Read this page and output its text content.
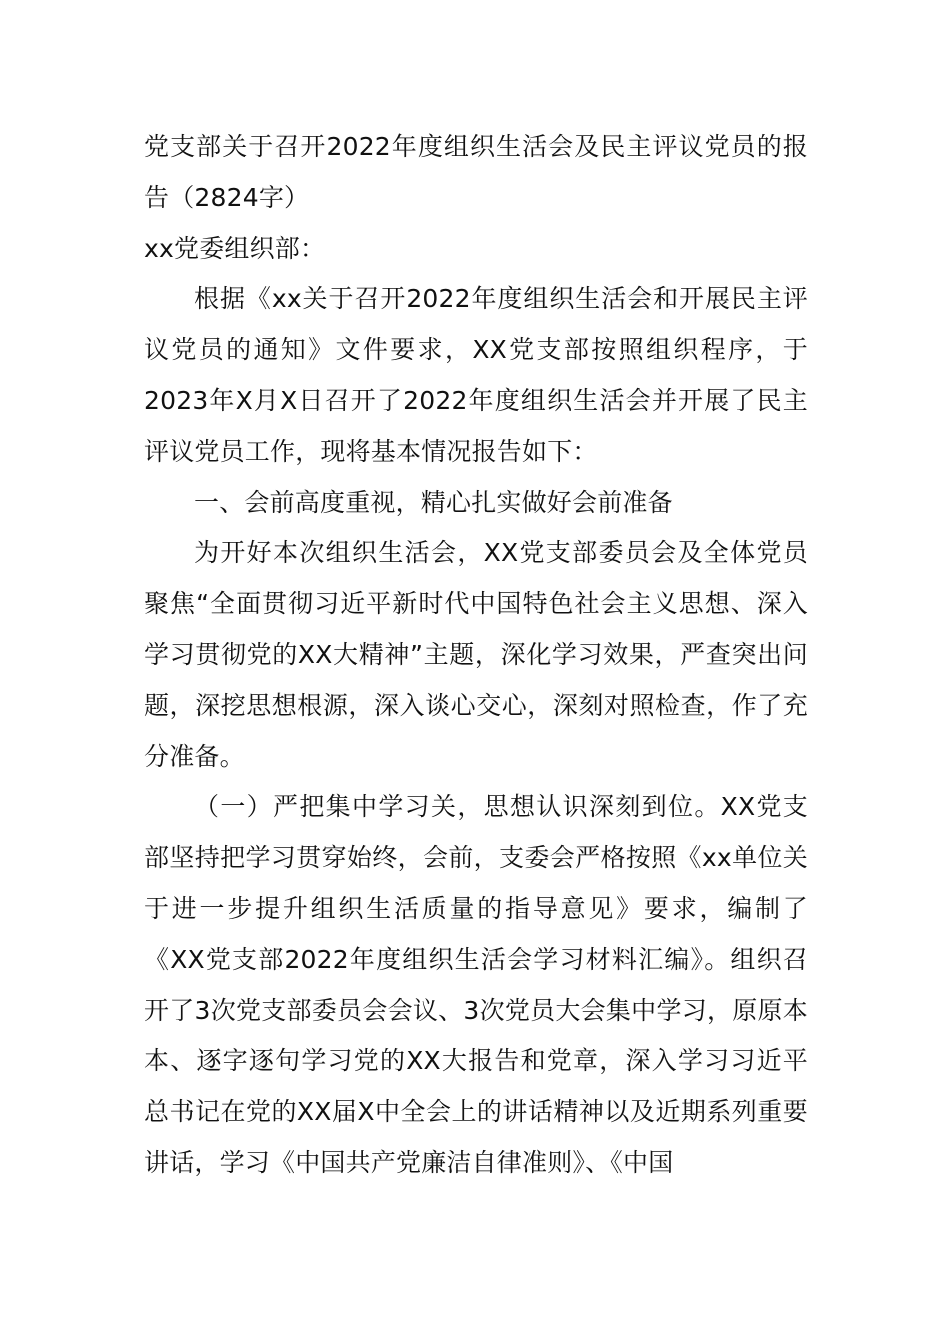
党支部关于召开2022年度组织生活会及民主评议党员的报告（2824字）

xx党委组织部：

根据《xx关于召开2022年度组织生活会和开展民主评议党员的通知》文件要求，XX党支部按照组织程序，于2023年X月X日召开了2022年度组织生活会并开展了民主评议党员工作，现将基本情况报告如下：

一、会前高度重视，精心扎实做好会前准备

为开好本次组织生活会，XX党支部委员会及全体党员聚焦“全面贯彻习近平新时代中国特色社会主义思想、深入学习贯彻党的XX大精神”主题，深化学习效果，严查突出问题，深挖思想根源，深入谈心交心，深刻对照检查，作了充分准备。

（一）严把集中学习关，思想认识深刻到位。XX党支部坚持把学习贯穿始终，会前，支委会严格按照《xx单位关于进一步提升组织生活质量的指导意见》要求，编制了《XX党支部2022年度组织生活会学习材料汇编》。组织召开了3次党支部委员会会议、3次党员大会集中学习，原原本本、逐字逐句学习党的XX大报告和党章，深入学习习近平总书记在党的XX届X中全会上的讲话精神以及近期系列重要讲话，学习《中国共产党廉洁自律准则》、《中国
